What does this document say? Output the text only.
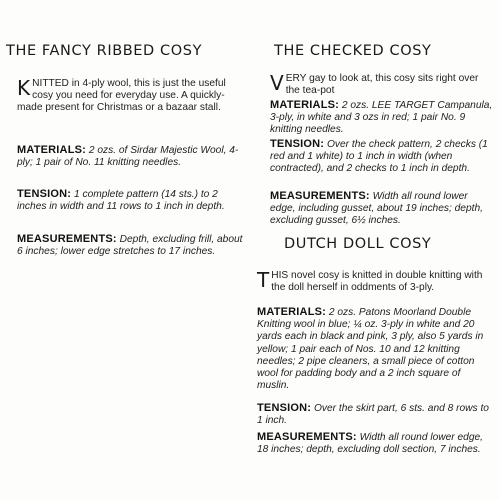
THE FANCY RIBBED COSY
KNITTED in 4-ply wool, this is just the useful cosy you need for everyday use. A quickly-made present for Christmas or a bazaar stall.
MATERIALS: 2 ozs. of Sirdar Majestic Wool, 4-ply; 1 pair of No. 11 knitting needles.
TENSION: 1 complete pattern (14 sts.) to 2 inches in width and 11 rows to 1 inch in depth.
MEASUREMENTS: Depth, excluding frill, about 6 inches; lower edge stretches to 17 inches.
THE CHECKED COSY
VERY gay to look at, this cosy sits right over the tea-pot
MATERIALS: 2 ozs. LEE TARGET Campanula, 3-ply, in white and 3 ozs in red; 1 pair No. 9 knitting needles.
TENSION: Over the check pattern, 2 checks (1 red and 1 white) to 1 inch in width (when contracted), and 2 checks to 1 inch in depth.
MEASUREMENTS: Width all round lower edge, including gusset, about 19 inches; depth, excluding gusset, 6½ inches.
DUTCH DOLL COSY
THIS novel cosy is knitted in double knitting with the doll herself in oddments of 3-ply.
MATERIALS: 2 ozs. Patons Moorland Double Knitting wool in blue; ¼ oz. 3-ply in white and 20 yards each in black and pink, 3 ply, also 5 yards in yellow; 1 pair each of Nos. 10 and 12 knitting needles; 2 pipe cleaners, a small piece of cotton wool for padding body and a 2 inch square of muslin.
TENSION: Over the skirt part, 6 sts. and 8 rows to 1 inch.
MEASUREMENTS: Width all round lower edge, 18 inches; depth, excluding doll section, 7 inches.
